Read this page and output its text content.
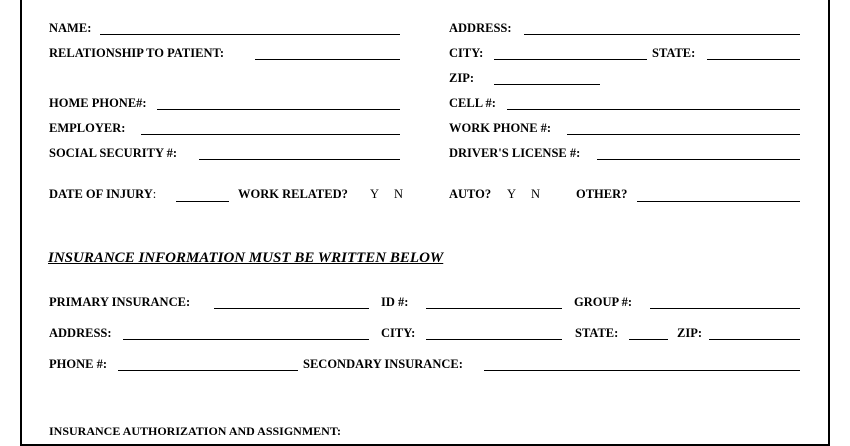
NAME:	ADDRESS:
RELATIONSHIP TO PATIENT:	CITY:	STATE:
ZIP:
HOME PHONE#:	CELL #:
EMPLOYER:	WORK PHONE #:
SOCIAL SECURITY #:	DRIVER'S LICENSE #:
DATE OF INJURY:	WORK RELATED? Y N	AUTO? Y N	OTHER?
INSURANCE INFORMATION MUST BE WRITTEN BELOW
PRIMARY INSURANCE:	ID #:	GROUP #:
ADDRESS:	CITY:	STATE:	ZIP:
PHONE #:	SECONDARY INSURANCE:
INSURANCE AUTHORIZATION AND ASSIGNMENT:
